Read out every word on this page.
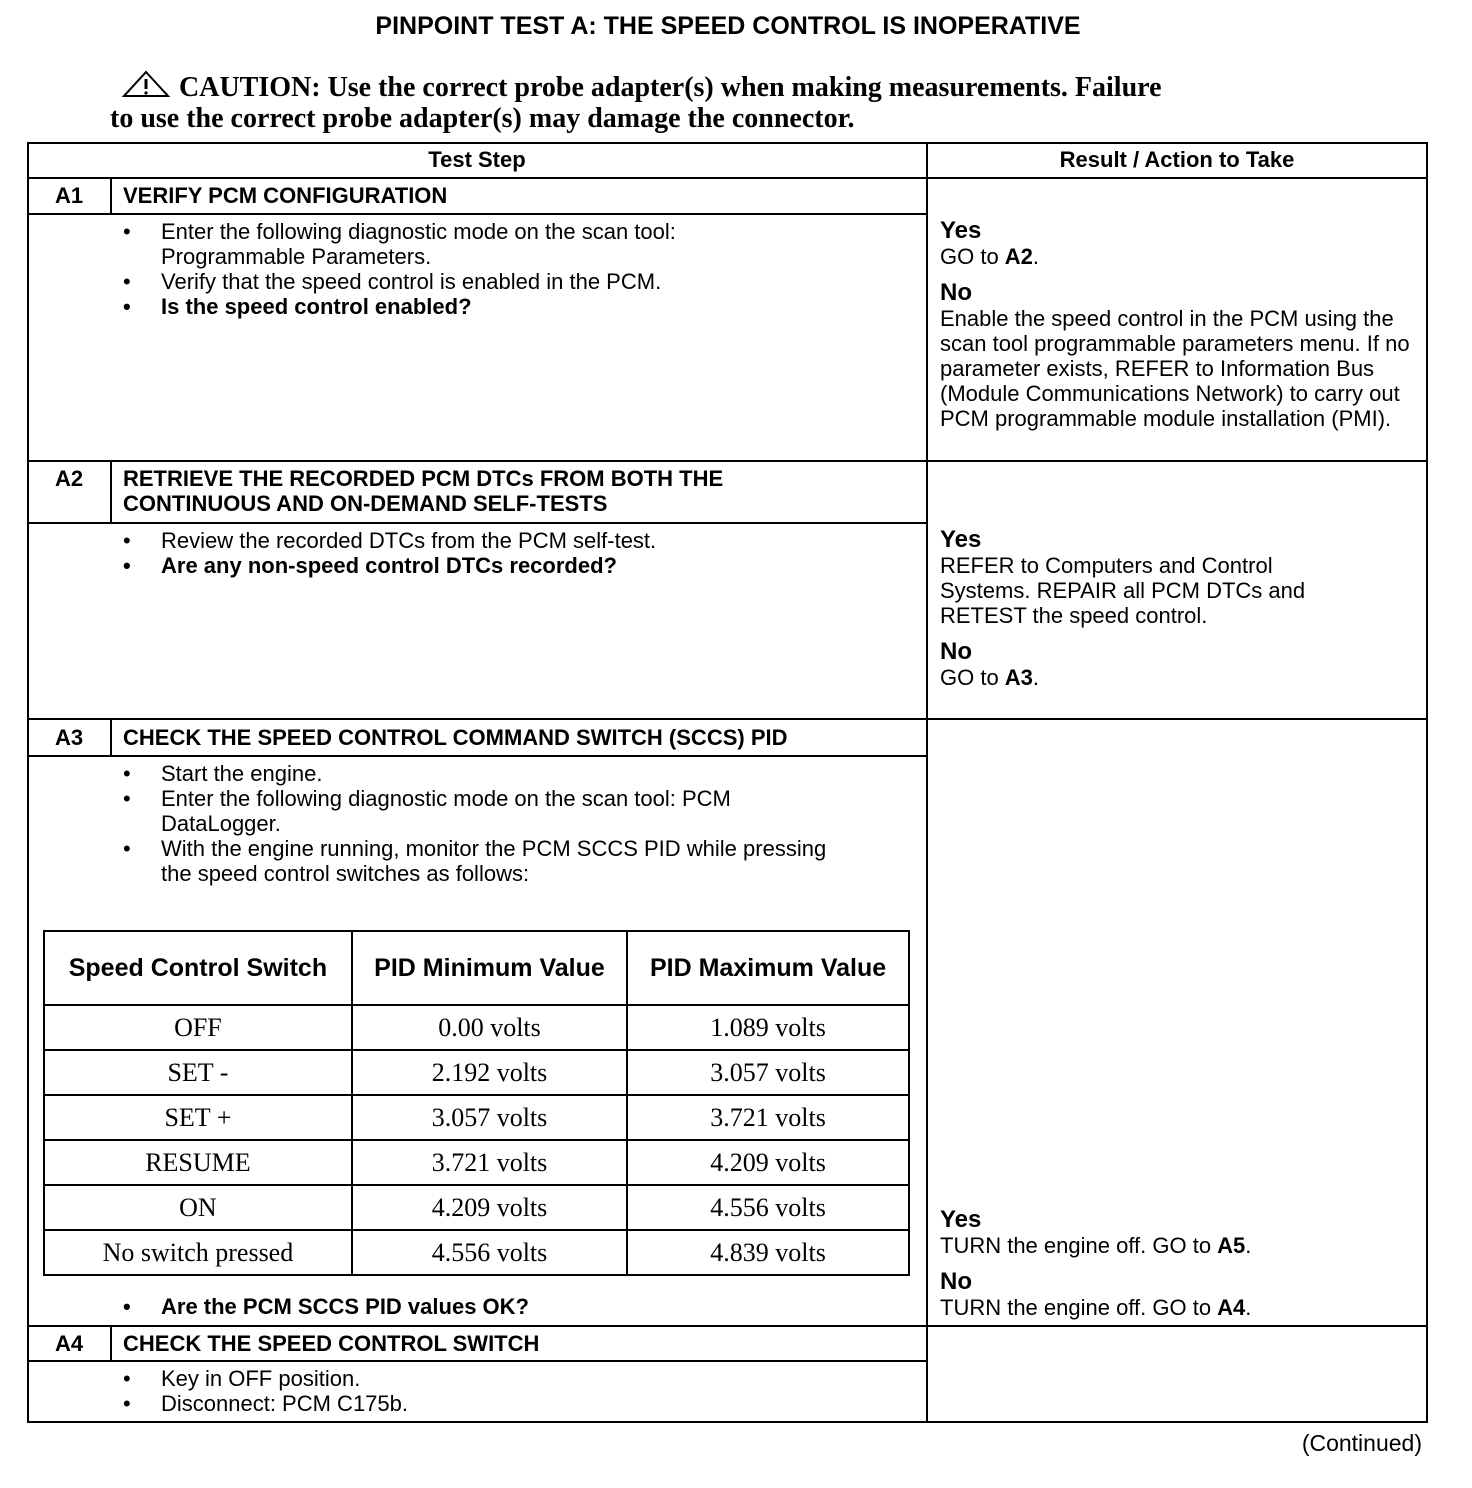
PINPOINT TEST A: THE SPEED CONTROL IS INOPERATIVE
CAUTION: Use the correct probe adapter(s) when making measurements. Failure
to use the correct probe adapter(s) may damage the connector.
Test Step	Result / Action to Take
A1	VERIFY PCM CONFIGURATION
• Enter the following diagnostic mode on the scan tool: Programmable Parameters.
• Verify that the speed control is enabled in the PCM.
• Is the speed control enabled?
Yes
GO to A2.
No
Enable the speed control in the PCM using the scan tool programmable parameters menu. If no parameter exists, REFER to Information Bus (Module Communications Network) to carry out PCM programmable module installation (PMI).
A2	RETRIEVE THE RECORDED PCM DTCs FROM BOTH THE CONTINUOUS AND ON-DEMAND SELF-TESTS
• Review the recorded DTCs from the PCM self-test.
• Are any non-speed control DTCs recorded?
Yes
REFER to Computers and Control Systems. REPAIR all PCM DTCs and RETEST the speed control.
No
GO to A3.
A3	CHECK THE SPEED CONTROL COMMAND SWITCH (SCCS) PID
• Start the engine.
• Enter the following diagnostic mode on the scan tool: PCM DataLogger.
• With the engine running, monitor the PCM SCCS PID while pressing the speed control switches as follows:
Speed Control Switch	PID Minimum Value	PID Maximum Value
OFF	0.00 volts	1.089 volts
SET -	2.192 volts	3.057 volts
SET +	3.057 volts	3.721 volts
RESUME	3.721 volts	4.209 volts
ON	4.209 volts	4.556 volts
No switch pressed	4.556 volts	4.839 volts
• Are the PCM SCCS PID values OK?
Yes
TURN the engine off. GO to A5.
No
TURN the engine off. GO to A4.
A4	CHECK THE SPEED CONTROL SWITCH
• Key in OFF position.
• Disconnect: PCM C175b.
(Continued)
